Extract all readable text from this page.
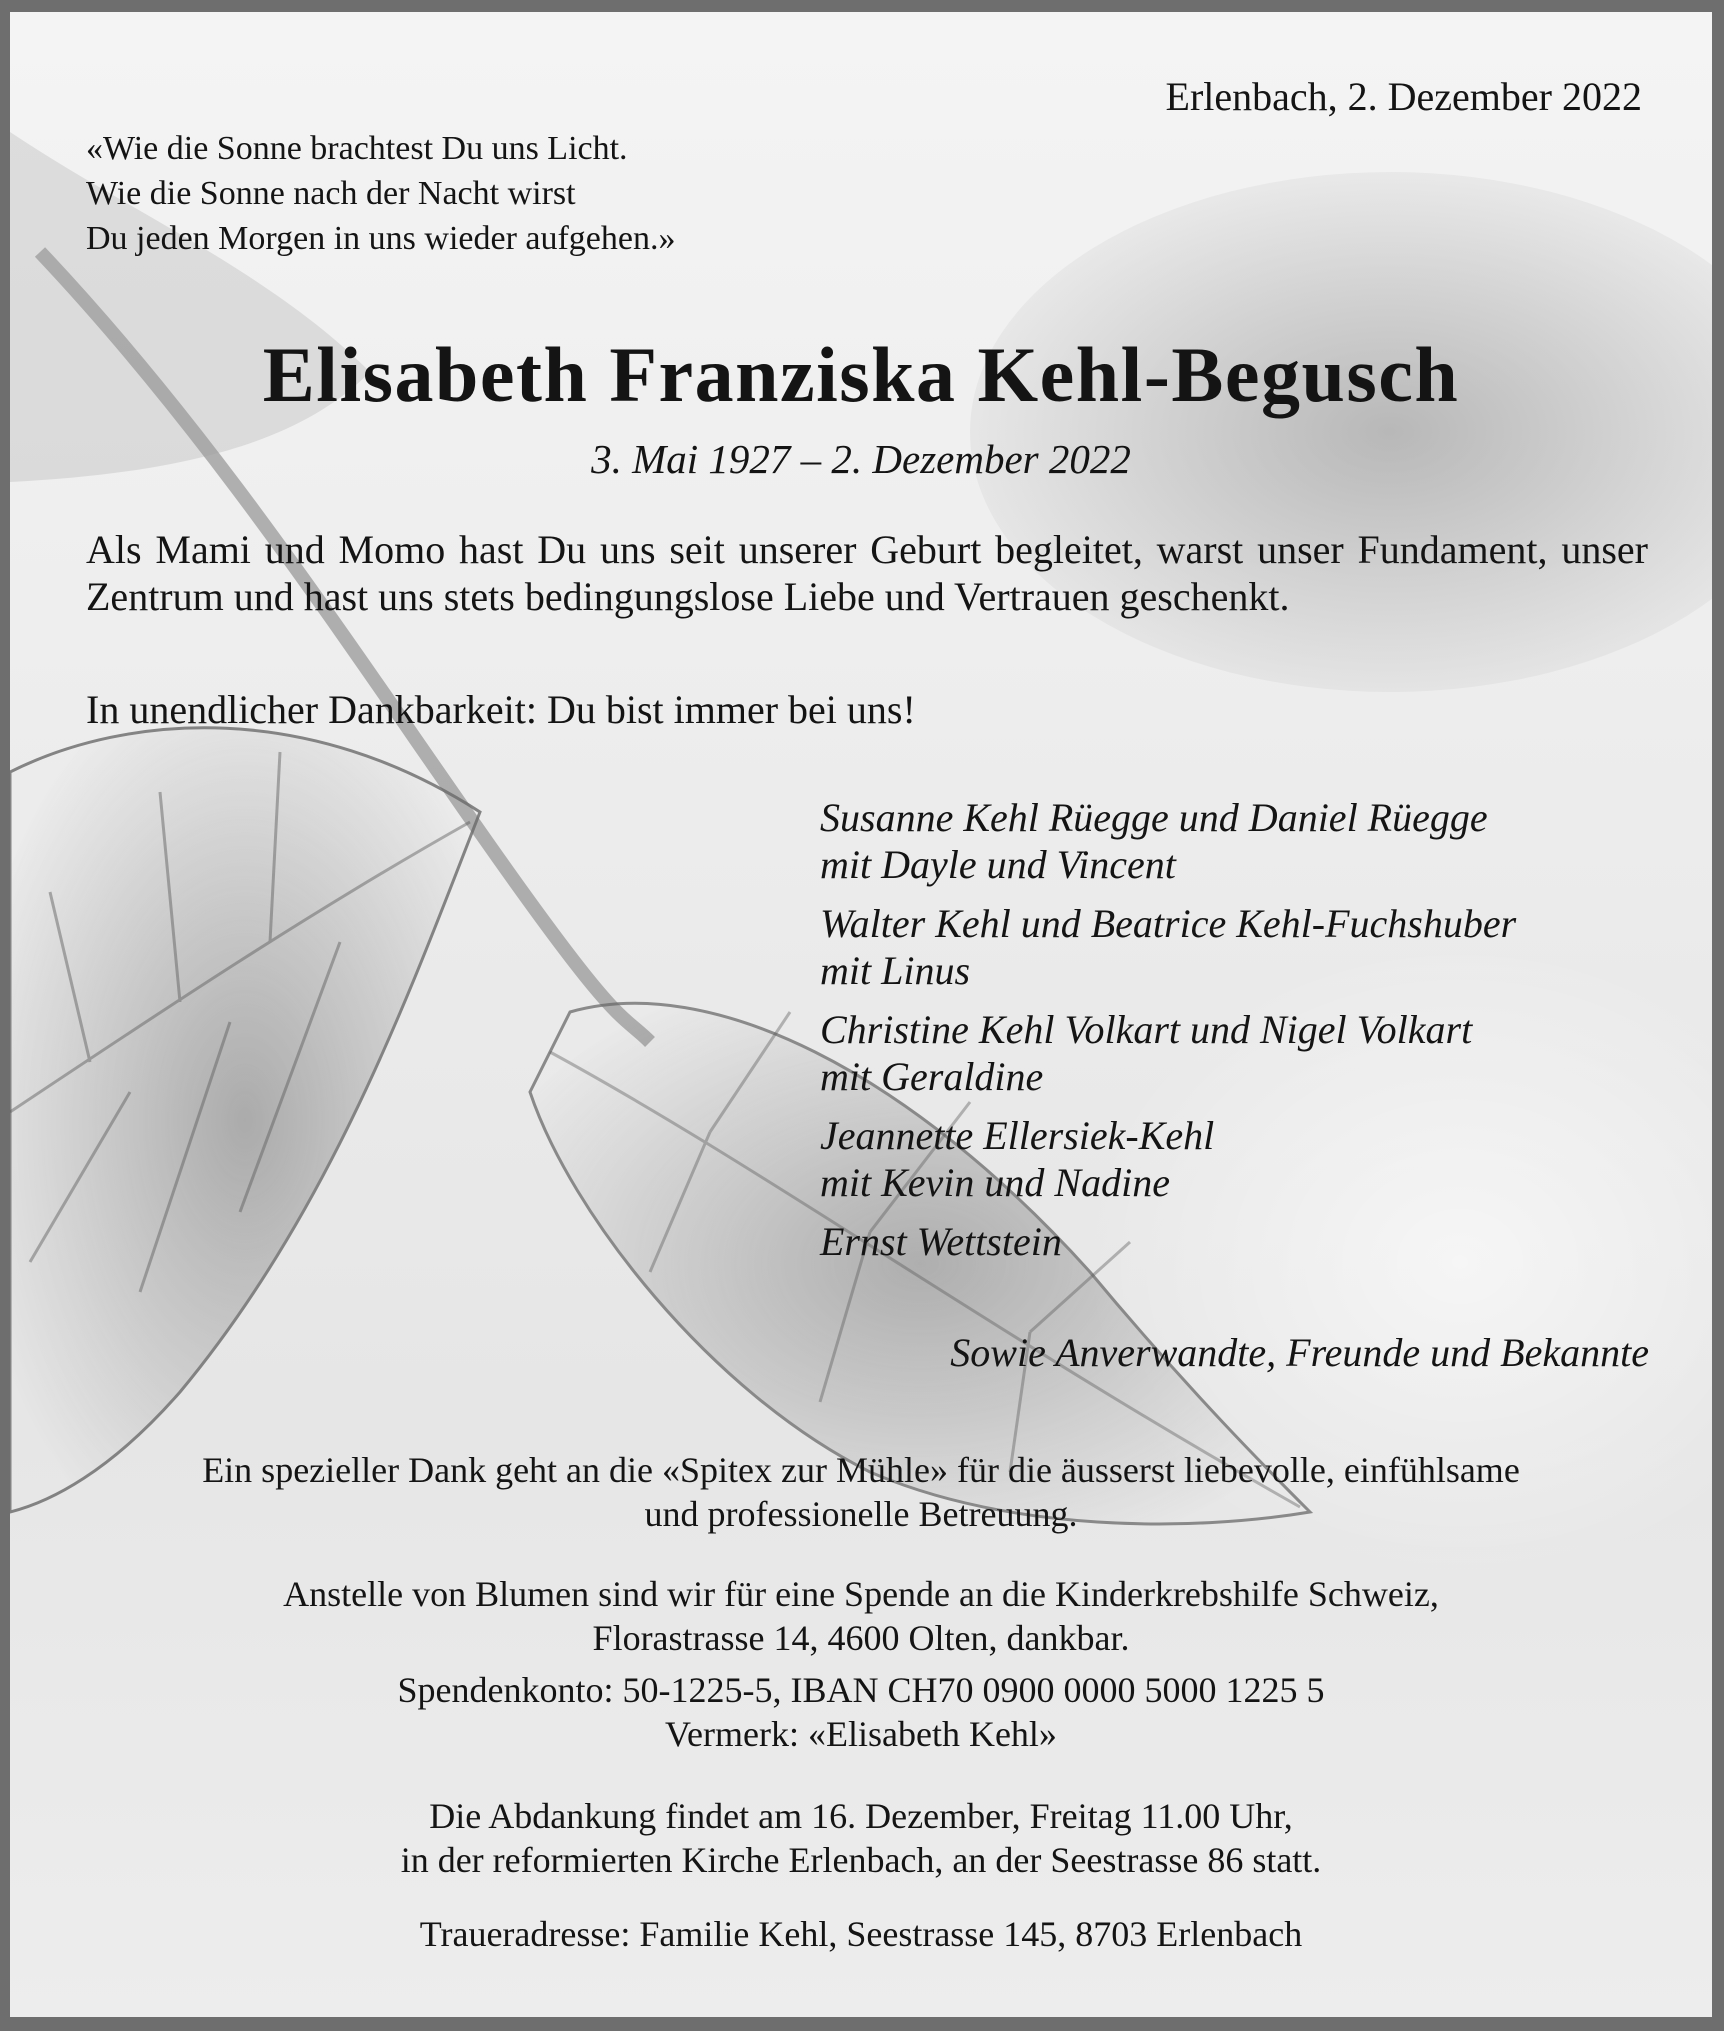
Erlenbach, 2. Dezember 2022

«Wie die Sonne brachtest Du uns Licht.
Wie die Sonne nach der Nacht wirst
Du jeden Morgen in uns wieder aufgehen.»
Elisabeth Franziska Kehl-Begusch

3. Mai 1927 – 2. Dezember 2022

Als Mami und Momo hast Du uns seit unserer Geburt begleitet, warst unser Fundament, unser Zentrum und hast uns stets bedingungslose Liebe und Vertrauen geschenkt.

In unendlicher Dankbarkeit: Du bist immer bei uns!

Susanne Kehl Rüegge und Daniel Rüegge
mit Dayle und Vincent
Walter Kehl und Beatrice Kehl-Fuchshuber
mit Linus
Christine Kehl Volkart und Nigel Volkart
mit Geraldine
Jeannette Ellersiek-Kehl
mit Kevin und Nadine
Ernst Wettstein

Sowie Anverwandte, Freunde und Bekannte

Ein spezieller Dank geht an die «Spitex zur Mühle» für die äusserst liebevolle, einfühlsame
und professionelle Betreuung.
Anstelle von Blumen sind wir für eine Spende an die Kinderkrebshilfe Schweiz,
Florastrasse 14, 4600 Olten, dankbar.
Spendenkonto: 50-1225-5, IBAN CH70 0900 0000 5000 1225 5
Vermerk: «Elisabeth Kehl»
Die Abdankung findet am 16. Dezember, Freitag 11.00 Uhr,
in der reformierten Kirche Erlenbach, an der Seestrasse 86 statt.

Traueradresse: Familie Kehl, Seestrasse 145, 8703 Erlenbach
